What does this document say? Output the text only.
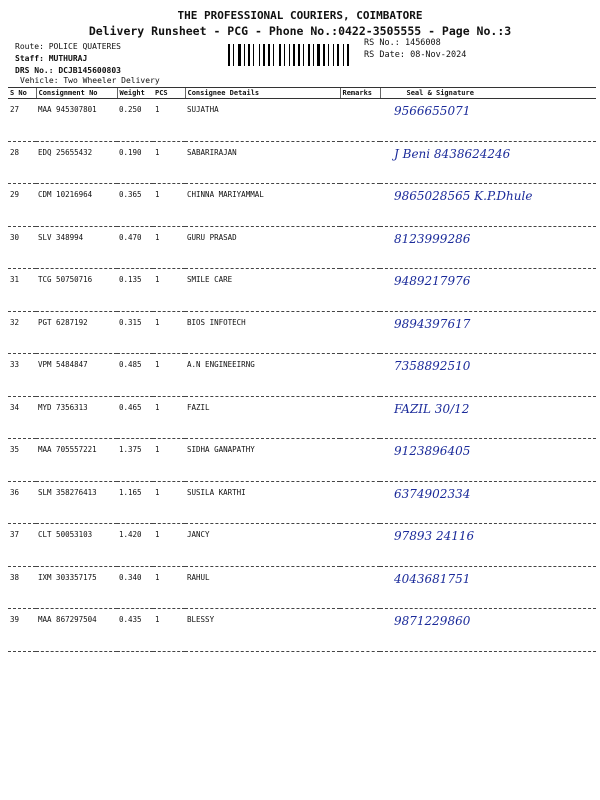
THE PROFESSIONAL COURIERS, COIMBATORE
Delivery Runsheet - PCG - Phone No.:0422-3505555 - Page No.:3
Route: POLICE QUATERES
Staff: MUTHURAJ
DRS No.: DCJB145600803
Vehicle: Two Wheeler Delivery
RS No.: 1456008
RS Date: 08-Nov-2024
S No	Consignment No	Weight	PCS	Consignee Details	Remarks	Seal & Signature
27	MAA 945307801	0.250	1	SUJATHA		9566655071

28	EDQ 25655432	0.190	1	SABARIRAJAN		J Beni 8438624246

29	CDM 10216964	0.365	1	CHINNA MARIYAMMAL		9865028565 K.P.Dhule

30	SLV 348994	0.470	1	GURU PRASAD		8123999286

31	TCG 50750716	0.135	1	SMILE CARE		9489217976

32	PGT 6287192	0.315	1	BIOS INFOTECH		9894397617

33	VPM 5484847	0.485	1	A.N ENGINEEIRNG		7358892510

34	MYD 7356313	0.465	1	FAZIL		FAZIL 30/12

35	MAA 705557221	1.375	1	SIDHA GANAPATHY		9123896405

36	SLM 358276413	1.165	1	SUSILA KARTHI		6374902334

37	CLT 50053103	1.420	1	JANCY		97893 24116

38	IXM 303357175	0.340	1	RAHUL		4043681751

39	MAA 867297504	0.435	1	BLESSY		9871229860
